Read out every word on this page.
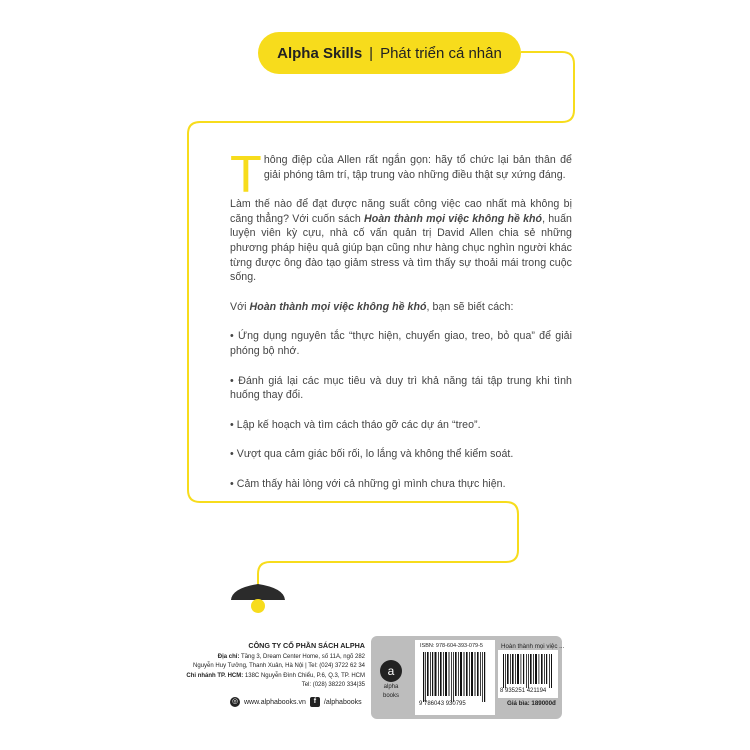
Alpha Skills | Phát triển cá nhân

Thông điệp của Allen rất ngắn gọn: hãy tổ chức lại bản thân để giải phóng tâm trí, tập trung vào những điều thật sự xứng đáng.

Làm thế nào để đạt được năng suất công việc cao nhất mà không bị căng thẳng? Với cuốn sách Hoàn thành mọi việc không hề khó, huấn luyện viên kỳ cựu, nhà cố vấn quản trị David Allen chia sẻ những phương pháp hiệu quả giúp bạn cũng như hàng chục nghìn người khác từng được ông đào tạo giảm stress và tìm thấy sự thoải mái trong cuộc sống.

Với Hoàn thành mọi việc không hề khó, bạn sẽ biết cách:

• Ứng dụng nguyên tắc “thực hiện, chuyển giao, treo, bỏ qua” để giải phóng bộ nhớ.

• Đánh giá lại các mục tiêu và duy trì khả năng tái tập trung khi tình huống thay đổi.

• Lập kế hoạch và tìm cách tháo gỡ các dự án “treo”.

• Vượt qua cảm giác bối rối, lo lắng và không thể kiểm soát.

• Cảm thấy hài lòng với cả những gì mình chưa thực hiện.

CÔNG TY CỔ PHẦN SÁCH ALPHA
Địa chỉ: Tầng 3, Dream Center Home, số 11A, ngõ 282
Nguyễn Huy Tưởng, Thanh Xuân, Hà Nội | Tel: (024) 3722 62 34
Chi nhánh TP. HCM: 138C Nguyễn Đình Chiểu, P.6, Q.3, TP. HCM
Tel: (028) 38220 334|35
◎ www.alphabooks.vn	f	/alphabooks
a
alpha
books
9 786043 930795
ISBN: 978-604-393-079-5
8 935251 421194
Hoàn thành mọi việc ...
Giá bìa: 189000đ
